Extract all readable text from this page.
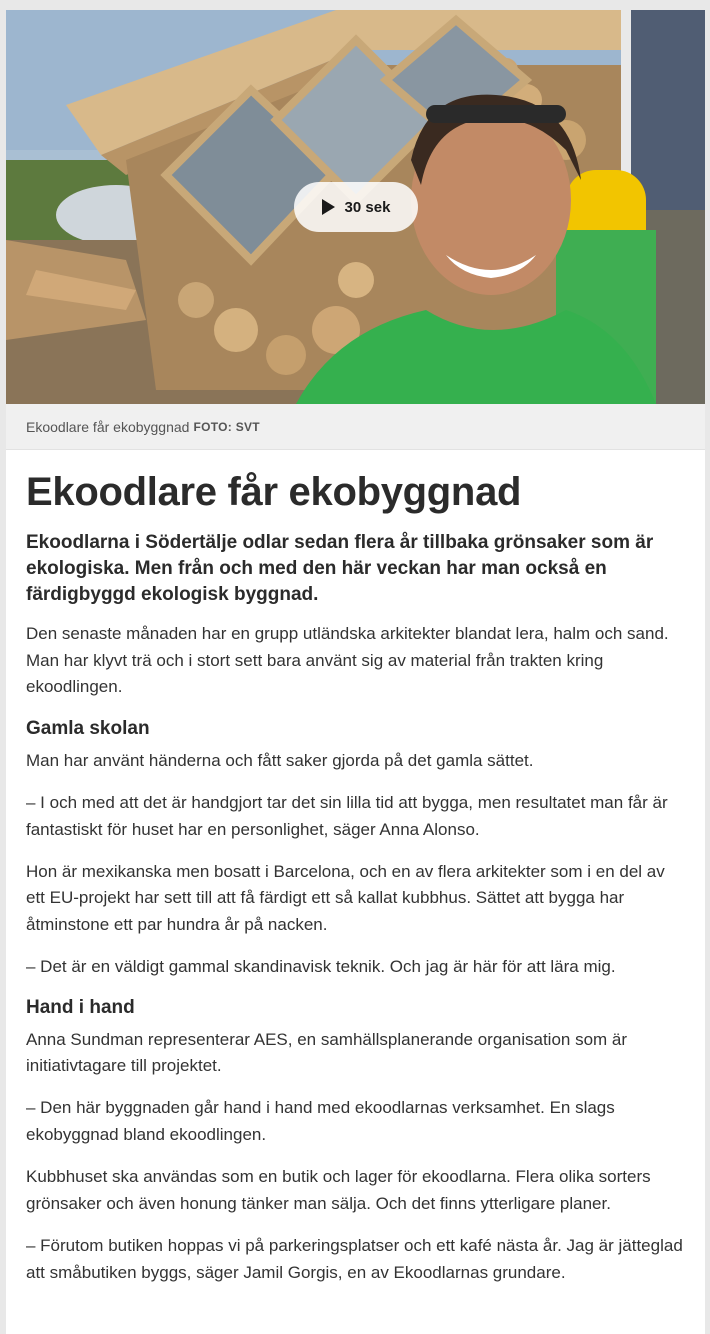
30 sek
Ekoodlare får ekobyggnad FOTO: SVT
Ekoodlare får ekobyggnad

Ekoodlarna i Södertälje odlar sedan flera år tillbaka grönsaker som är ekologiska. Men från och med den här veckan har man också en färdigbyggd ekologisk byggnad.

Den senaste månaden har en grupp utländska arkitekter blandat lera, halm och sand. Man har klyvt trä och i stort sett bara använt sig av material från trakten kring ekoodlingen.

Gamla skolan

Man har använt händerna och fått saker gjorda på det gamla sättet.

– I och med att det är handgjort tar det sin lilla tid att bygga, men resultatet man får är fantastiskt för huset har en personlighet, säger Anna Alonso.

Hon är mexikanska men bosatt i Barcelona, och en av flera arkitekter som i en del av ett EU-projekt har sett till att få färdigt ett så kallat kubbhus. Sättet att bygga har åtminstone ett par hundra år på nacken.

– Det är en väldigt gammal skandinavisk teknik. Och jag är här för att lära mig.

Hand i hand

Anna Sundman representerar AES, en samhällsplanerande organisation som är initiativtagare till projektet.

– Den här byggnaden går hand i hand med ekoodlarnas verksamhet. En slags ekobyggnad bland ekoodlingen.

Kubbhuset ska användas som en butik och lager för ekoodlarna. Flera olika sorters grönsaker och även honung tänker man sälja. Och det finns ytterligare planer.

– Förutom butiken hoppas vi på parkeringsplatser och ett kafé nästa år. Jag är jätteglad att småbutiken byggs, säger Jamil Gorgis, en av Ekoodlarnas grundare.
